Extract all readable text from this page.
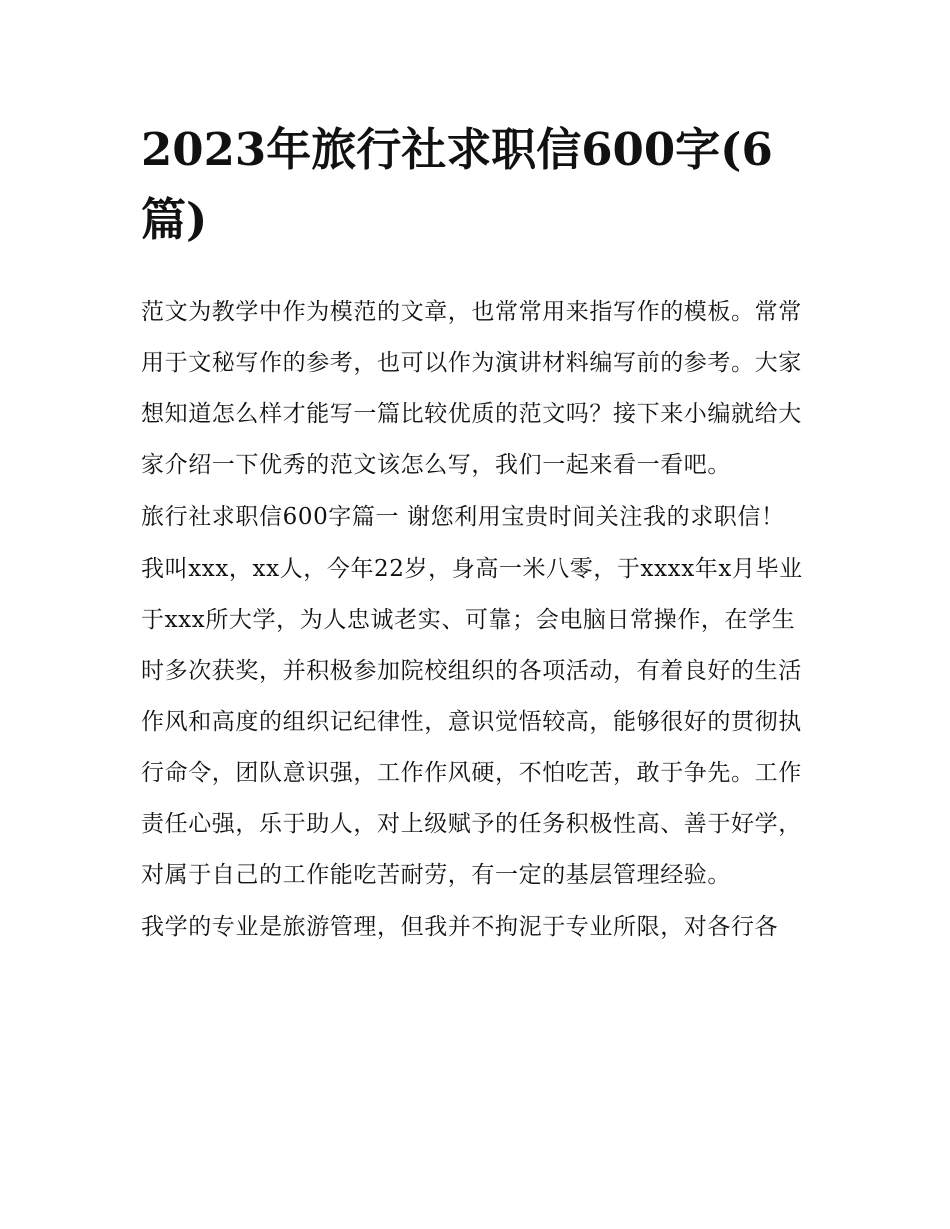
2023年旅行社求职信600字(6篇)

范文为教学中作为模范的文章，也常常用来指写作的模板。常常用于文秘写作的参考，也可以作为演讲材料编写前的参考。大家想知道怎么样才能写一篇比较优质的范文吗？接下来小编就给大家介绍一下优秀的范文该怎么写，我们一起来看一看吧。

旅行社求职信600字篇一 谢您利用宝贵时间关注我的求职信！

我叫xxx，xx人，今年22岁，身高一米八零，于xxxx年x月毕业于xxx所大学，为人忠诚老实、可靠；会电脑日常操作，在学生时多次获奖，并积极参加院校组织的各项活动，有着良好的生活作风和高度的组织记纪律性，意识觉悟较高，能够很好的贯彻执行命令，团队意识强，工作作风硬，不怕吃苦，敢于争先。工作责任心强，乐于助人，对上级赋予的任务积极性高、善于好学，对属于自己的工作能吃苦耐劳，有一定的基层管理经验。

我学的专业是旅游管理，但我并不拘泥于专业所限，对各行各
